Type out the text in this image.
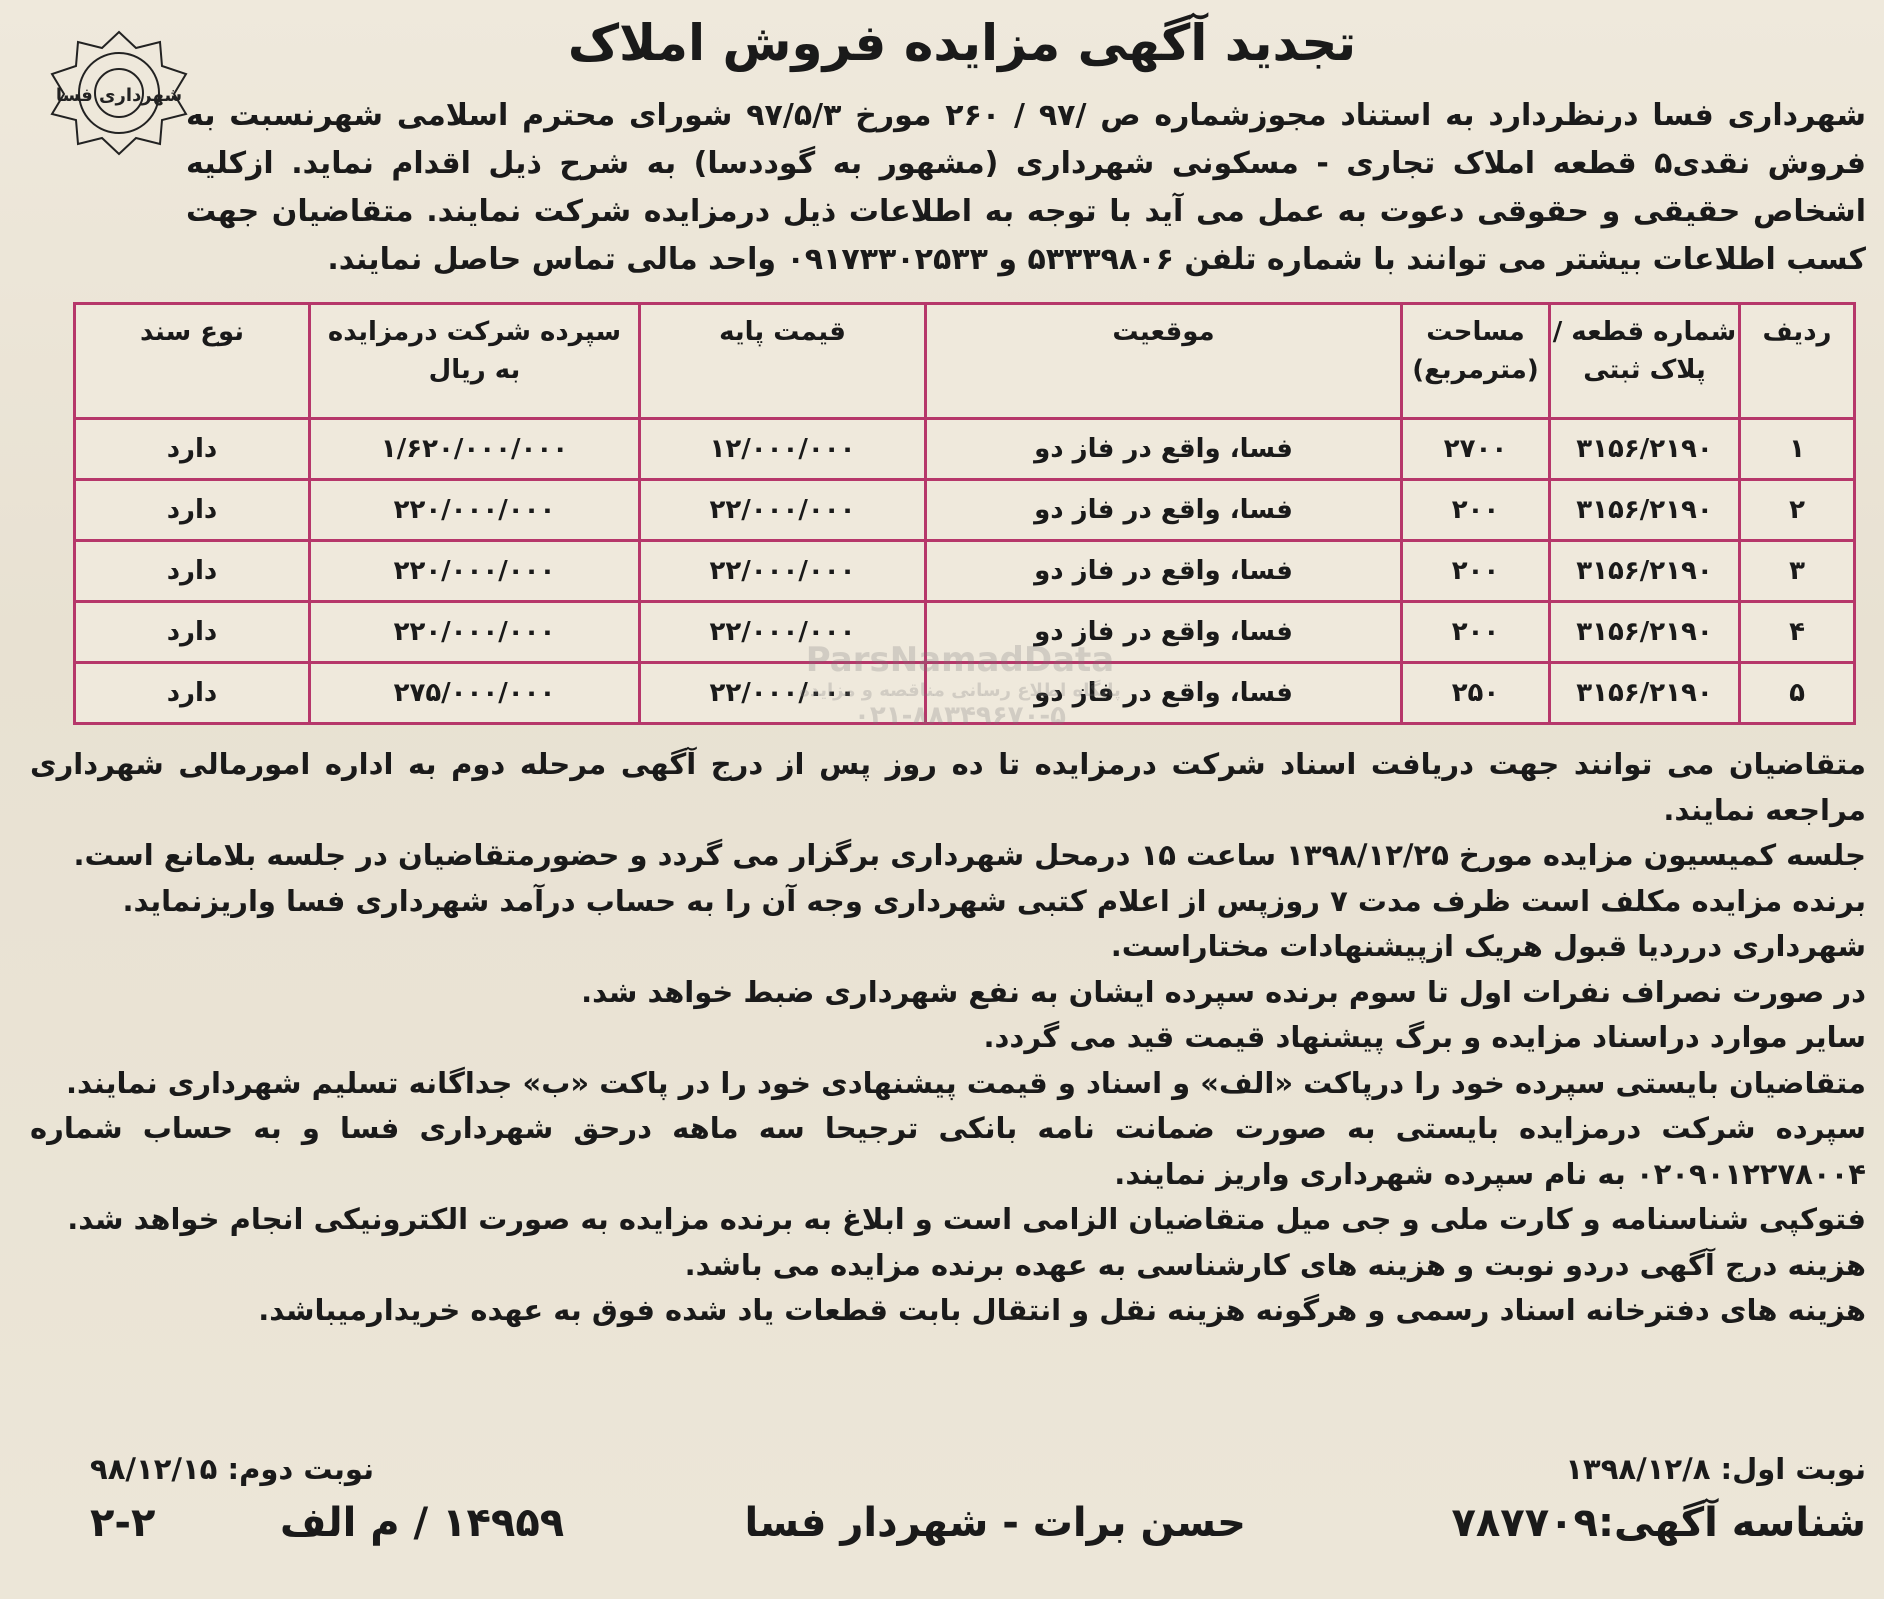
شهرداری فسا
تجدید آگهی مزایده فروش املاک
شهرداری فسا درنظردارد به استناد مجوزشماره ص /۹۷ / ۲۶۰ مورخ ۹۷/۵/۳ شورای محترم اسلامی شهرنسبت به فروش نقدی۵ قطعه املاک تجاری - مسکونی شهرداری (مشهور به گوددسا) به شرح ذیل اقدام نماید. ازکلیه اشخاص حقیقی و حقوقی دعوت به عمل می آید با توجه به اطلاعات ذیل درمزایده شرکت نمایند. متقاضیان جهت کسب اطلاعات بیشتر می توانند با شماره تلفن ۵۳۳۳۹۸۰۶ و ۰۹۱۷۳۳۰۲۵۳۳ واحد مالی تماس حاصل نمایند.
ردیف	شماره قطعه / پلاک ثبتی	مساحت (مترمربع)	موقعیت	قیمت پایه	سپرده شرکت درمزایده به ریال	نوع سند
۱	۳۱۵۶/۲۱۹۰	۲۷۰۰	فسا، واقع در فاز دو	۱۲/۰۰۰/۰۰۰	۱/۶۲۰/۰۰۰/۰۰۰	دارد
۲	۳۱۵۶/۲۱۹۰	۲۰۰	فسا، واقع در فاز دو	۲۲/۰۰۰/۰۰۰	۲۲۰/۰۰۰/۰۰۰	دارد
۳	۳۱۵۶/۲۱۹۰	۲۰۰	فسا، واقع در فاز دو	۲۲/۰۰۰/۰۰۰	۲۲۰/۰۰۰/۰۰۰	دارد
۴	۳۱۵۶/۲۱۹۰	۲۰۰	فسا، واقع در فاز دو	۲۲/۰۰۰/۰۰۰	۲۲۰/۰۰۰/۰۰۰	دارد
۵	۳۱۵۶/۲۱۹۰	۲۵۰	فسا، واقع در فاز دو	۲۲/۰۰۰/۰۰۰	۲۷۵/۰۰۰/۰۰۰	دارد
ParsNamadData
پایگاه اطلاع رسانی مناقصه و مزایده
۰۲۱-۸۸۳۴۹۶۷۰-۵

متقاضیان می توانند جهت دریافت اسناد شرکت درمزایده تا ده روز پس از درج آگهی مرحله دوم به اداره امورمالی شهرداری مراجعه نمایند.

جلسه کمیسیون مزایده مورخ ۱۳۹۸/۱۲/۲۵ ساعت ۱۵ درمحل شهرداری برگزار می گردد و حضورمتقاضیان در جلسه بلامانع است.

برنده مزایده مکلف است ظرف مدت ۷ روزپس از اعلام کتبی شهرداری وجه آن را به حساب درآمد شهرداری فسا واریزنماید.

شهرداری درردیا قبول هریک ازپیشنهادات مختاراست.

در صورت نصراف نفرات اول تا سوم برنده سپرده ایشان به نفع شهرداری ضبط خواهد شد.

سایر موارد دراسناد مزایده و برگ پیشنهاد قیمت قید می گردد.

متقاضیان بایستی سپرده خود را درپاکت «الف» و اسناد و قیمت پیشنهادی خود را در پاکت «ب» جداگانه تسلیم شهرداری نمایند.

سپرده شرکت درمزایده بایستی به صورت ضمانت نامه بانکی ترجیحا سه ماهه درحق شهرداری فسا و به حساب شماره ۰۲۰۹۰۱۲۲۷۸۰۰۴ به نام سپرده شهرداری واریز نمایند.

فتوکپی شناسنامه و کارت ملی و جی میل متقاضیان الزامی است و ابلاغ به برنده مزایده به صورت الکترونیکی انجام خواهد شد.

هزینه درج آگهی دردو نوبت و هزینه های کارشناسی به عهده برنده مزایده می باشد.

هزینه های دفترخانه اسناد رسمی و هرگونه هزینه نقل و انتقال بابت قطعات یاد شده فوق به عهده خریدارمیباشد.

نوبت اول: ۱۳۹۸/۱۲/۸
نوبت دوم: ۹۸/۱۲/۱۵
شناسه آگهی:۷۸۷۷۰۹
حسن برات - شهردار فسا
۱۴۹۵۹ / م الف
۲-۲
